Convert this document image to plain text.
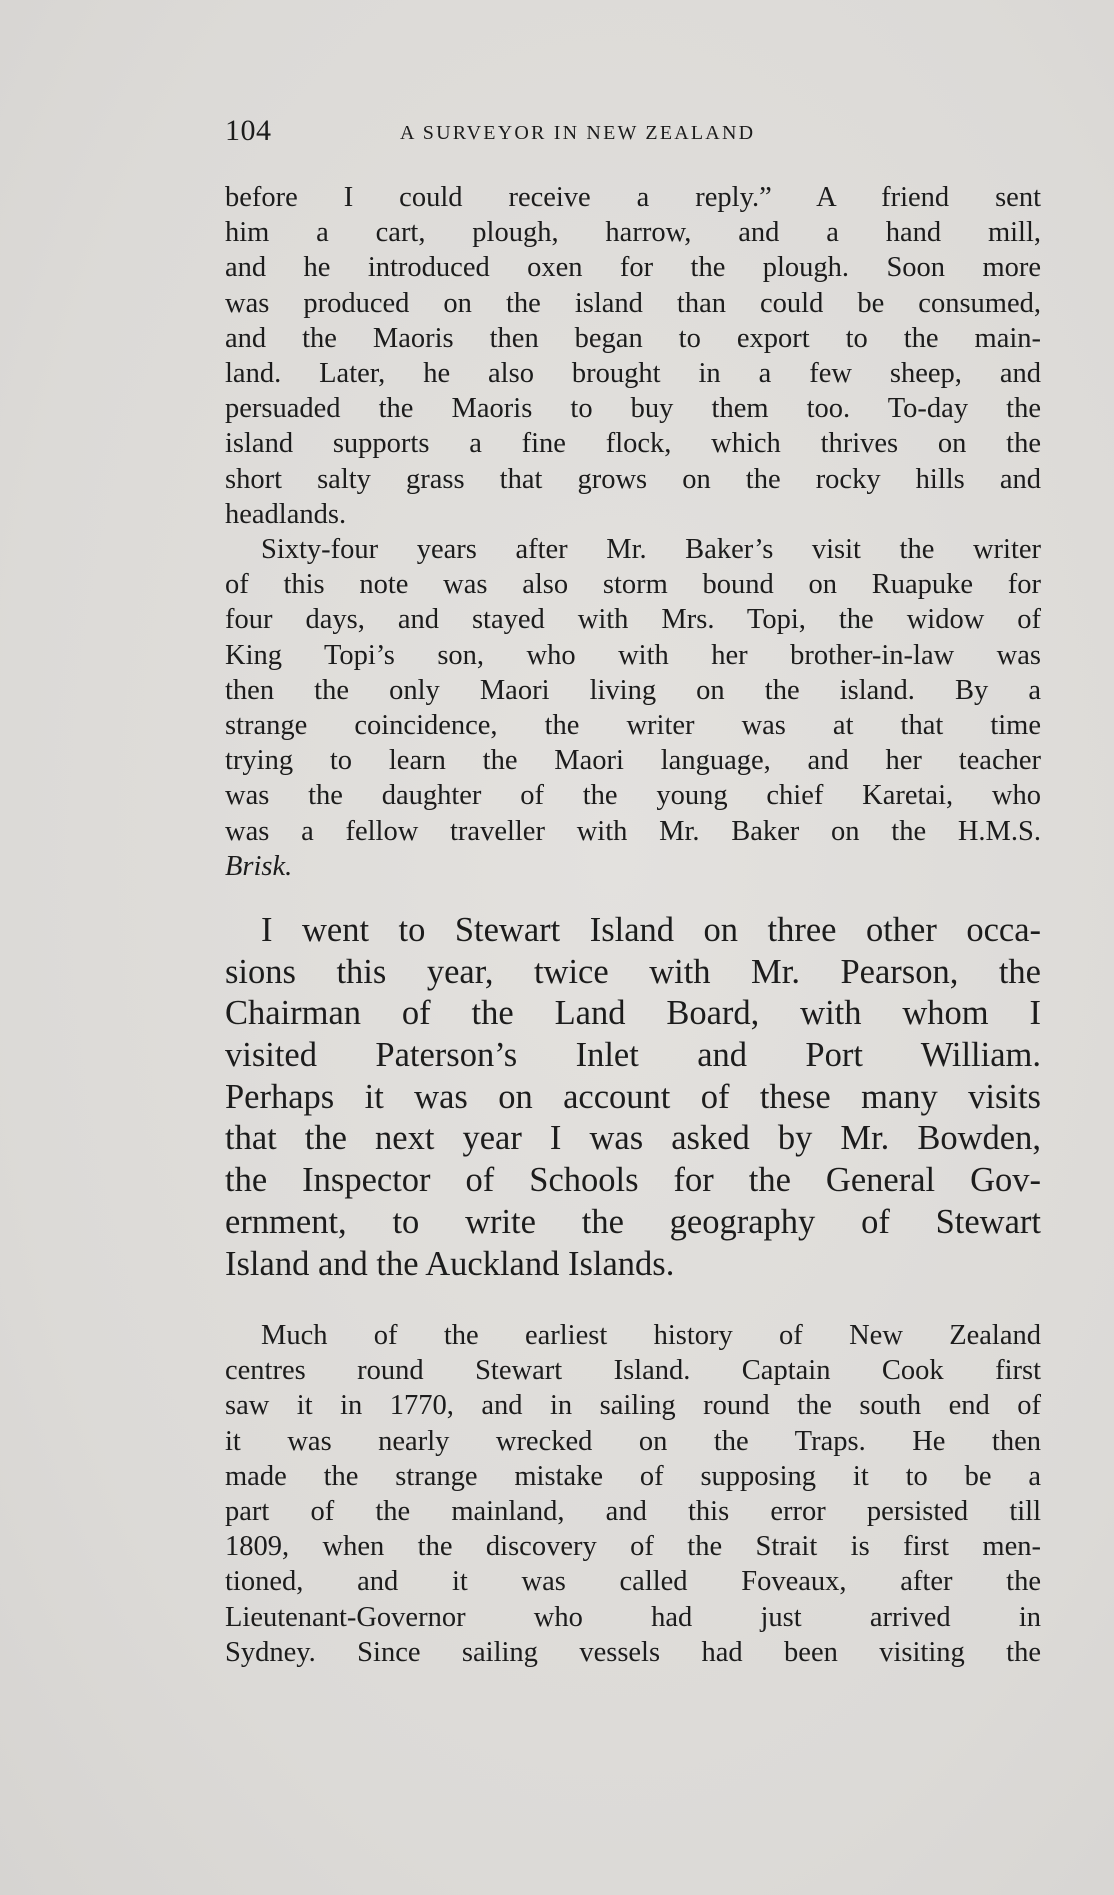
104	A SURVEYOR IN NEW ZEALAND
before I could receive a reply.” A friend sent
him a cart, plough, harrow, and a hand mill,
and he introduced oxen for the plough. Soon more
was produced on the island than could be consumed,
and the Maoris then began to export to the main-
land. Later, he also brought in a few sheep, and
persuaded the Maoris to buy them too. To-day the
island supports a fine flock, which thrives on the
short salty grass that grows on the rocky hills and
headlands.
Sixty-four years after Mr. Baker’s visit the writer
of this note was also storm bound on Ruapuke for
four days, and stayed with Mrs. Topi, the widow of
King Topi’s son, who with her brother-in-law was
then the only Maori living on the island. By a
strange coincidence, the writer was at that time
trying to learn the Maori language, and her teacher
was the daughter of the young chief Karetai, who
was a fellow traveller with Mr. Baker on the H.M.S.
Brisk.
I went to Stewart Island on three other occa-
sions this year, twice with Mr. Pearson, the
Chairman of the Land Board, with whom I
visited Paterson’s Inlet and Port William.
Perhaps it was on account of these many visits
that the next year I was asked by Mr. Bowden,
the Inspector of Schools for the General Gov-
ernment, to write the geography of Stewart
Island and the Auckland Islands.
Much of the earliest history of New Zealand
centres round Stewart Island. Captain Cook first
saw it in 1770, and in sailing round the south end of
it was nearly wrecked on the Traps. He then
made the strange mistake of supposing it to be a
part of the mainland, and this error persisted till
1809, when the discovery of the Strait is first men-
tioned, and it was called Foveaux, after the
Lieutenant-Governor who had just arrived in
Sydney. Since sailing vessels had been visiting the
